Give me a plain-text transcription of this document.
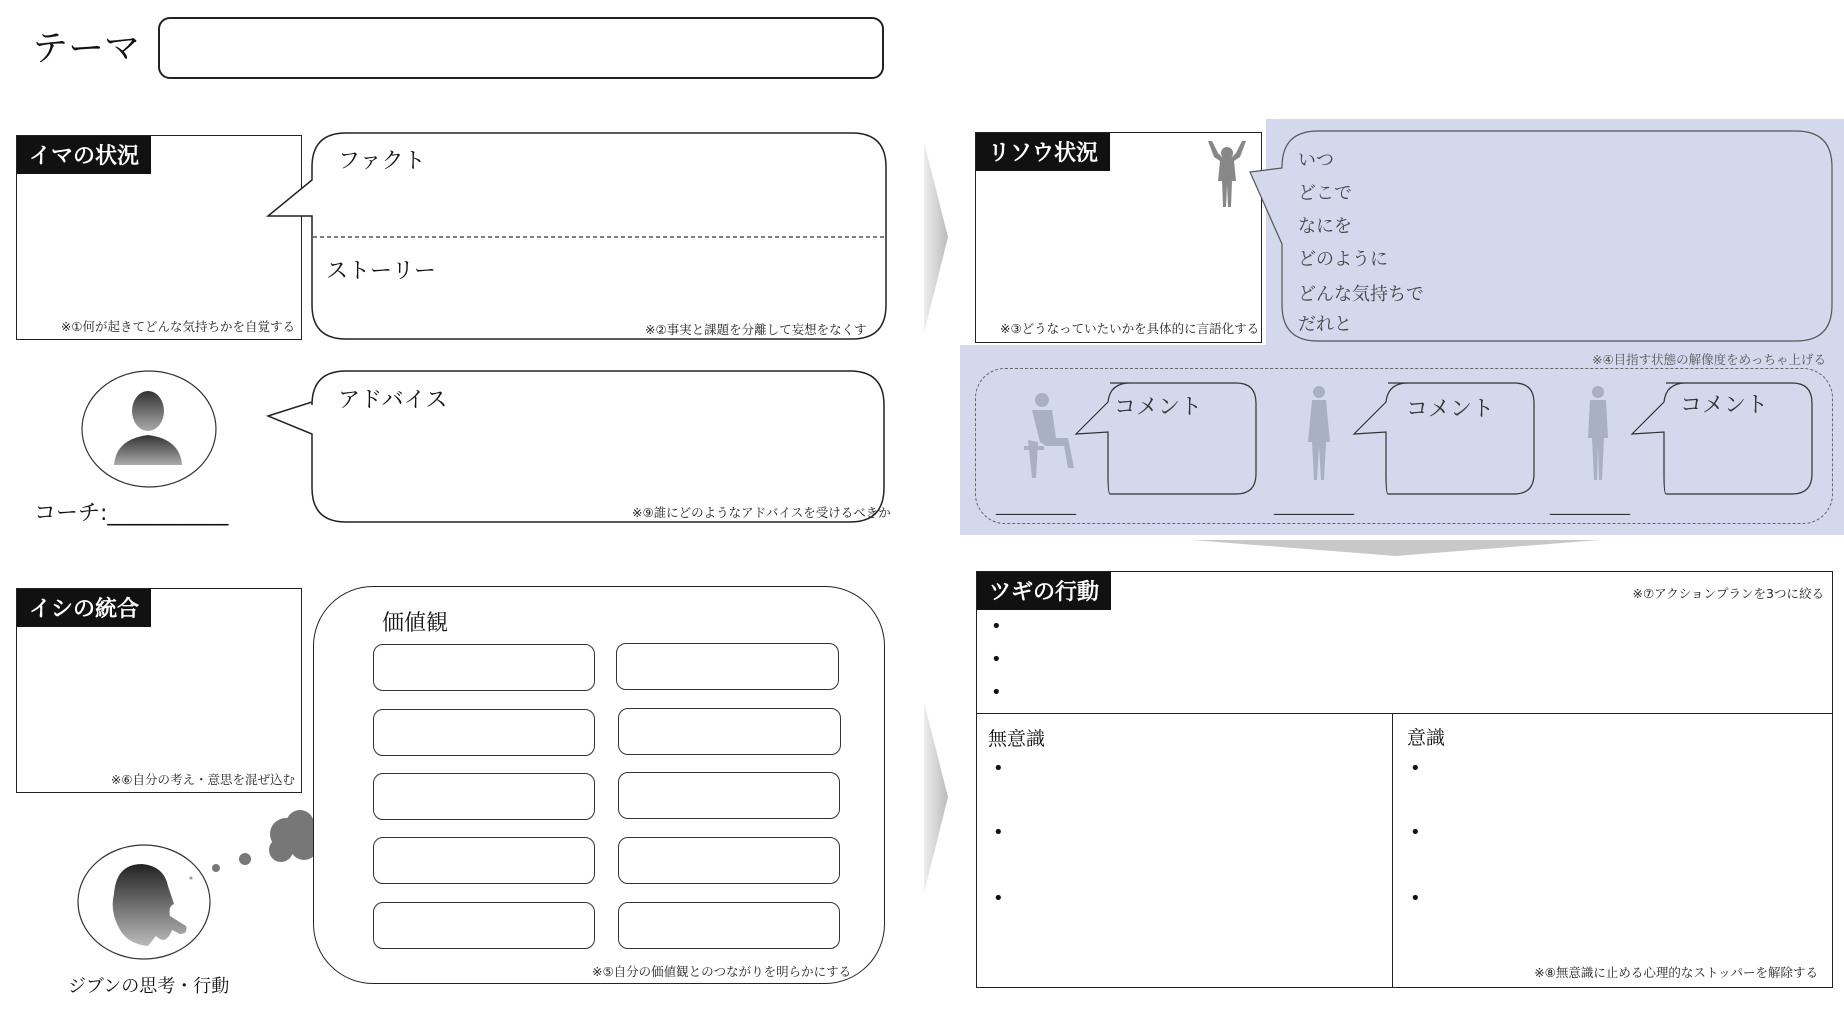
テーマ
イマの状況
※①何が起きてどんな気持ちかを自覚する
ファクト
ストーリー
※②事実と課題を分離して妄想をなくす
コーチ:___________
アドバイス
※⑨誰にどのようなアドバイスを受けるべきか
イシの統合
※⑥自分の考え・意思を混ぜ込む
ジブンの思考・行動
価値観
※⑤自分の価値観とのつながりを明らかにする
リソウ状況
※③どうなっていたいかを具体的に言語化する
いつ
どこで
なにを
どのように
どんな気持ちで
だれと
※④目指す状態の解像度をめっちゃ上げる
コメント
__________
コメント
__________
コメント
__________
ツギの行動	※⑦アクションプランを3つに絞る
•
•
•
無意識
•
•
•
意識
•
•
•
※⑧無意識に止める心理的なストッパーを解除する
